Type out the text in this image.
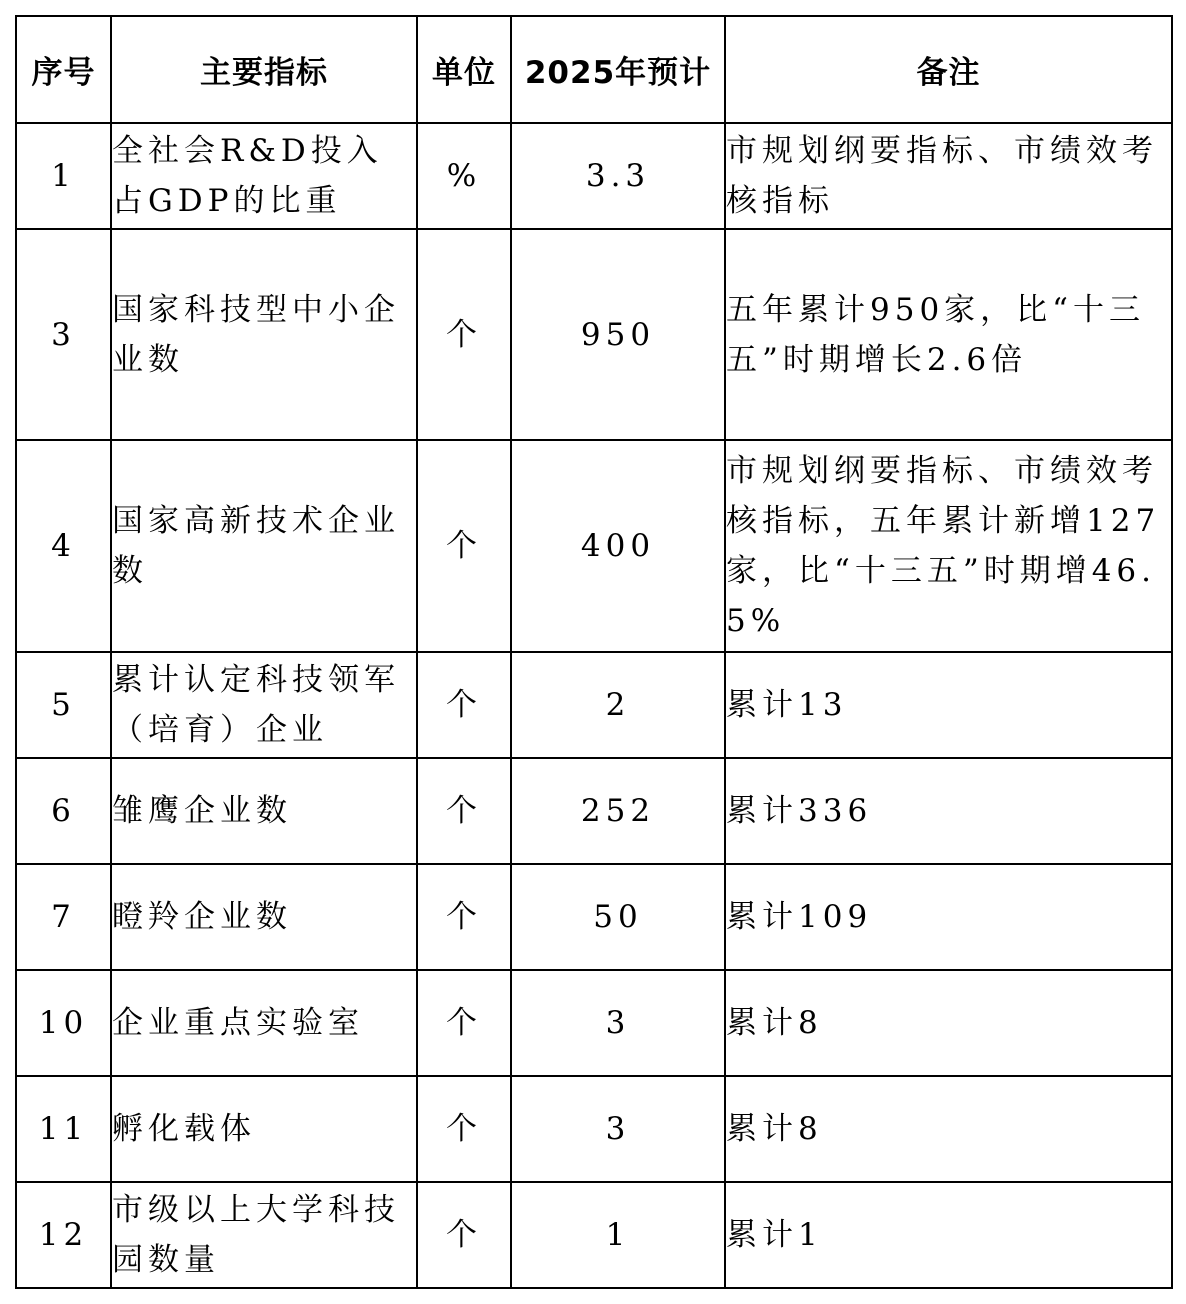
序号	主要指标	单位	2025年预计	备注
1	全社会R&D投入占GDP的比重	%	3.3	市规划纲要指标、市绩效考核指标
3	国家科技型中小企业数	个	950	五年累计950家，比“十三五”时期增长2.6倍
4	国家高新技术企业数	个	400	市规划纲要指标、市绩效考核指标，五年累计新增127家，比“十三五”时期增46.5%
5	累计认定科技领军（培育）企业	个	2	累计13
6	雏鹰企业数	个	252	累计336
7	瞪羚企业数	个	50	累计109
10	企业重点实验室	个	3	累计8
11	孵化载体	个	3	累计8
12	市级以上大学科技园数量	个	1	累计1
